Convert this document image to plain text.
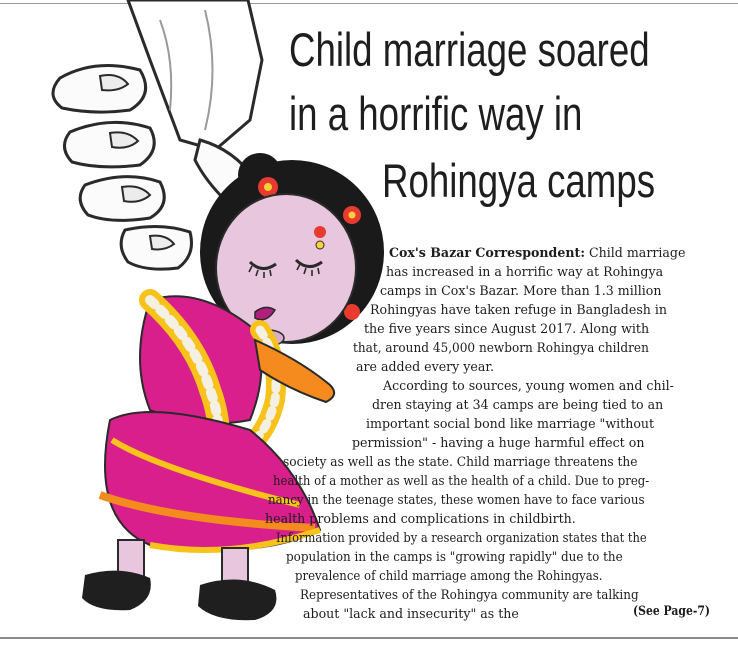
Child marriage soared
in a horrific way in
Rohingya camps
Cox's Bazar Correspondent: Child marriage
has increased in a horrific way at Rohingya
camps in Cox's Bazar. More than 1.3 million
Rohingyas have taken refuge in Bangladesh in
the five years since August 2017. Along with
that, around 45,000 newborn Rohingya children
are added every year.
According to sources, young women and chil-
dren staying at 34 camps are being tied to an
important social bond like marriage "without
permission" - having a huge harmful effect on
society as well as the state. Child marriage threatens the
health of a mother as well as the health of a child. Due to preg-
nancy in the teenage states, these women have to face various
health problems and complications in childbirth.
Information provided by a research organization states that the
population in the camps is "growing rapidly" due to the
prevalence of child marriage among the Rohingyas.
Representatives of the Rohingya community are talking
about "lack and insecurity" as the	(See Page-7)
